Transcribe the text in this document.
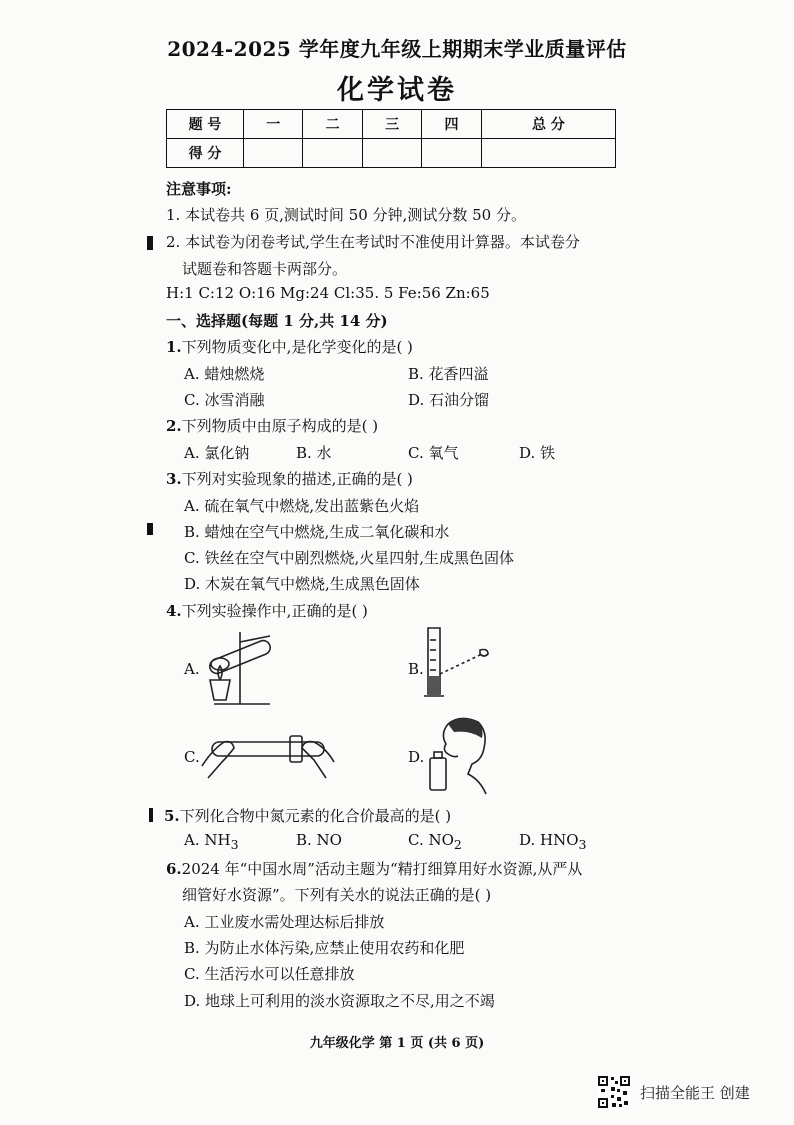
2024-2025 学年度九年级上期期末学业质量评估
化学试卷
题 号	一	二	三	四	总 分
得 分					
注意事项:
1. 本试卷共 6 页,测试时间 50 分钟,测试分数 50 分。
2. 本试卷为闭卷考试,学生在考试时不准使用计算器。本试卷分
试题卷和答题卡两部分。
H:1 C:12 O:16 Mg:24 Cl:35. 5 Fe:56 Zn:65
一、选择题(每题 1 分,共 14 分)
1.下列物质变化中,是化学变化的是( )
A. 蜡烛燃烧	B. 花香四溢
C. 冰雪消融	D. 石油分馏
2.下列物质中由原子构成的是( )
A. 氯化钠	B. 水	C. 氧气	D. 铁
3.下列对实验现象的描述,正确的是( )
A. 硫在氧气中燃烧,发出蓝紫色火焰
B. 蜡烛在空气中燃烧,生成二氧化碳和水
C. 铁丝在空气中剧烈燃烧,火星四射,生成黑色固体
D. 木炭在氧气中燃烧,生成黑色固体
4.下列实验操作中,正确的是( )
A.	B.
C.	D.
5.下列化合物中氮元素的化合价最高的是( )
A. $NH_3$	B. NO	C. $NO_2$	D. $HNO_3$
6.2024 年“中国水周”活动主题为“精打细算用好水资源,从严从
细管好水资源”。下列有关水的说法正确的是( )
A. 工业废水需处理达标后排放
B. 为防止水体污染,应禁止使用农药和化肥
C. 生活污水可以任意排放
D. 地球上可利用的淡水资源取之不尽,用之不竭
九年级化学 第 1 页 (共 6 页)
扫描全能王 创建
